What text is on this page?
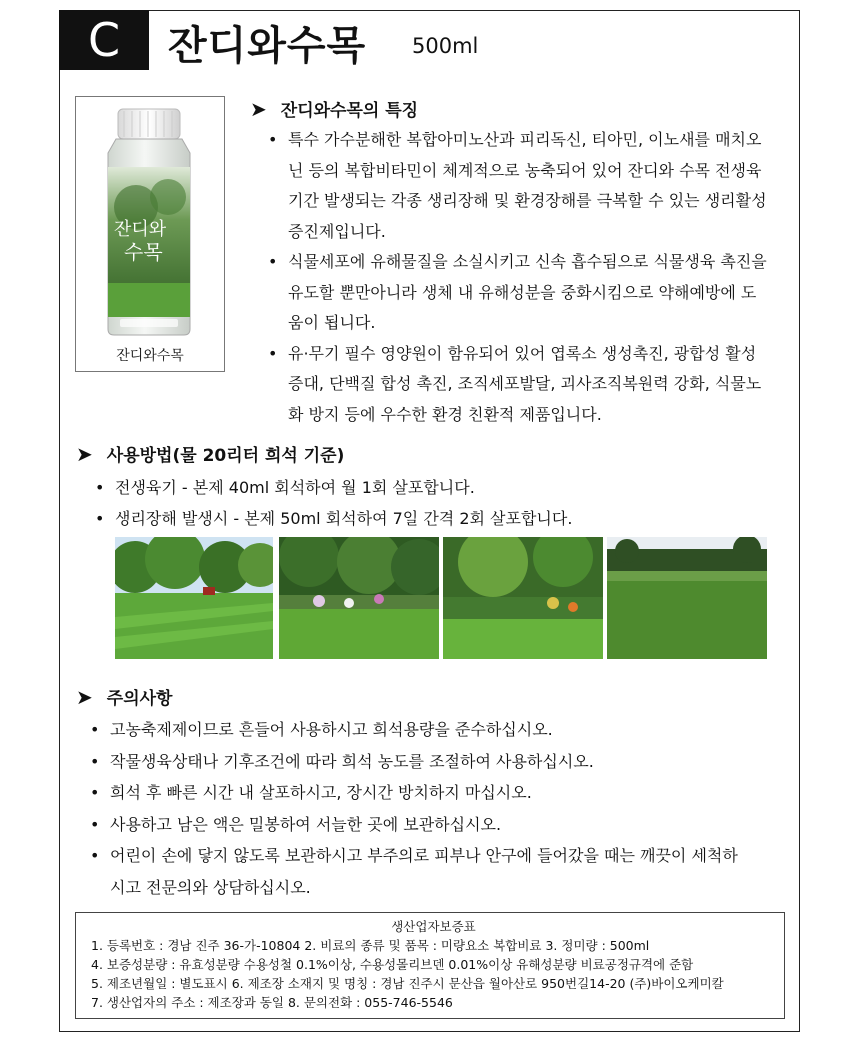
C 잔디와수목 500ml
잔디와
수목
잔디와수목
➤ 잔디와수목의 특징
• 특수 가수분해한 복합아미노산과 피리독신, 티아민, 이노새를 매치오닌 등의 복합비타민이 체계적으로 농축되어 있어 잔디와 수목 전생육기간 발생되는 각종 생리장해 및 환경장해를 극복할 수 있는 생리활성 증진제입니다.
• 식물세포에 유해물질을 소실시키고 신속 흡수됨으로 식물생육 촉진을 유도할 뿐만아니라 생체 내 유해성분을 중화시킴으로 약해예방에 도움이 됩니다.
• 유·무기 필수 영양원이 함유되어 있어 엽록소 생성촉진, 광합성 활성 증대, 단백질 합성 촉진, 조직세포발달, 괴사조직복원력 강화, 식물노화 방지 등에 우수한 환경 친환적 제품입니다.
➤ 사용방법(물 20리터 희석 기준)
• 전생육기 - 본제 40ml 회석하여 월 1회 살포합니다.
• 생리장해 발생시 - 본제 50ml 회석하여 7일 간격 2회 살포합니다.
➤ 주의사항
• 고농축제제이므로 흔들어 사용하시고 희석용량을 준수하십시오.
• 작물생육상태나 기후조건에 따라 희석 농도를 조절하여 사용하십시오.
• 희석 후 빠른 시간 내 살포하시고, 장시간 방치하지 마십시오.
• 사용하고 남은 액은 밀봉하여 서늘한 곳에 보관하십시오.
• 어린이 손에 닿지 않도록 보관하시고 부주의로 피부나 안구에 들어갔을 때는 깨끗이 세척하시고 전문의와 상담하십시오.
생산업자보증표
1. 등록번호 : 경남 진주 36-가-10804 2. 비료의 종류 및 품목 : 미량요소 복합비료 3. 정미량 : 500ml
4. 보증성분량 : 유효성분량 수용성철 0.1%이상, 수용성몰리브덴 0.01%이상 유해성분량 비료공정규격에 준함
5. 제조년월일 : 별도표시 6. 제조장 소재지 및 명칭 : 경남 진주시 문산읍 월아산로 950번길14-20 (주)바이오케미칼
7. 생산업자의 주소 : 제조장과 동일 8. 문의전화 : 055-746-5546
